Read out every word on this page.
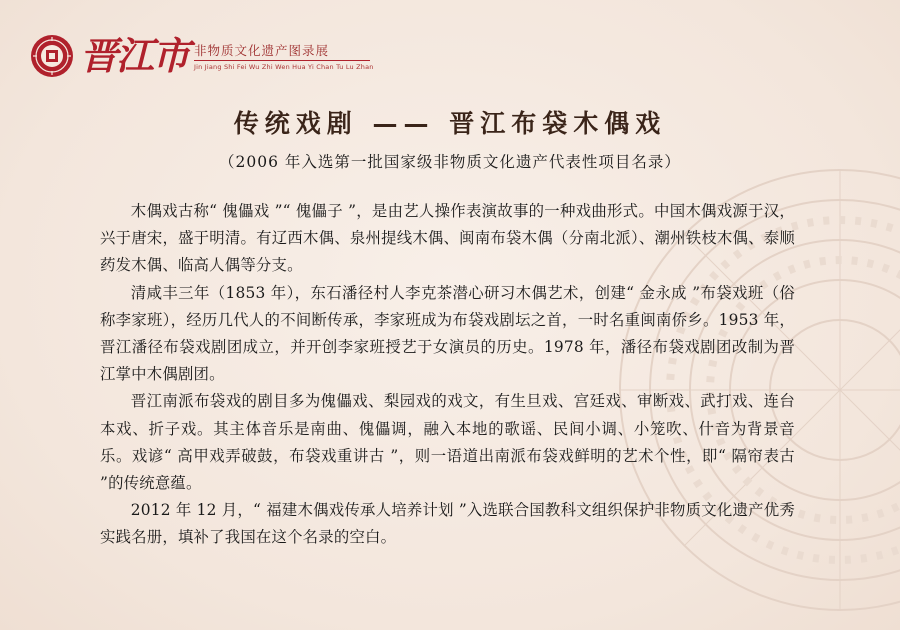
晋江市 非物质文化遗产图录展
Jin Jiang Shi Fei Wu Zhi Wen Hua Yi Chan Tu Lu Zhan
传统戏剧 —— 晋江布袋木偶戏
（2006 年入选第一批国家级非物质文化遗产代表性项目名录）

木偶戏古称“ 傀儡戏 ”“ 傀儡子 ”，是由艺人操作表演故事的一种戏曲形式。中国木偶戏源于汉，兴于唐宋，盛于明清。有辽西木偶、泉州提线木偶、闽南布袋木偶（分南北派）、潮州铁枝木偶、泰顺药发木偶、临高人偶等分支。

清咸丰三年（1853 年），东石潘径村人李克茶潜心研习木偶艺术，创建“ 金永成 ”布袋戏班（俗称李家班），经历几代人的不间断传承，李家班成为布袋戏剧坛之首，一时名重闽南侨乡。1953 年，晋江潘径布袋戏剧团成立，并开创李家班授艺于女演员的历史。1978 年，潘径布袋戏剧团改制为晋江掌中木偶剧团。

晋江南派布袋戏的剧目多为傀儡戏、梨园戏的戏文，有生旦戏、宫廷戏、审断戏、武打戏、连台本戏、折子戏。其主体音乐是南曲、傀儡调，融入本地的歌谣、民间小调、小笼吹、什音为背景音乐。戏谚“ 高甲戏弄破鼓，布袋戏重讲古 ”，则一语道出南派布袋戏鲜明的艺术个性，即“ 隔帘表古 ”的传统意蕴。

2012 年 12 月，“ 福建木偶戏传承人培养计划 ”入选联合国教科文组织保护非物质文化遗产优秀实践名册，填补了我国在这个名录的空白。
